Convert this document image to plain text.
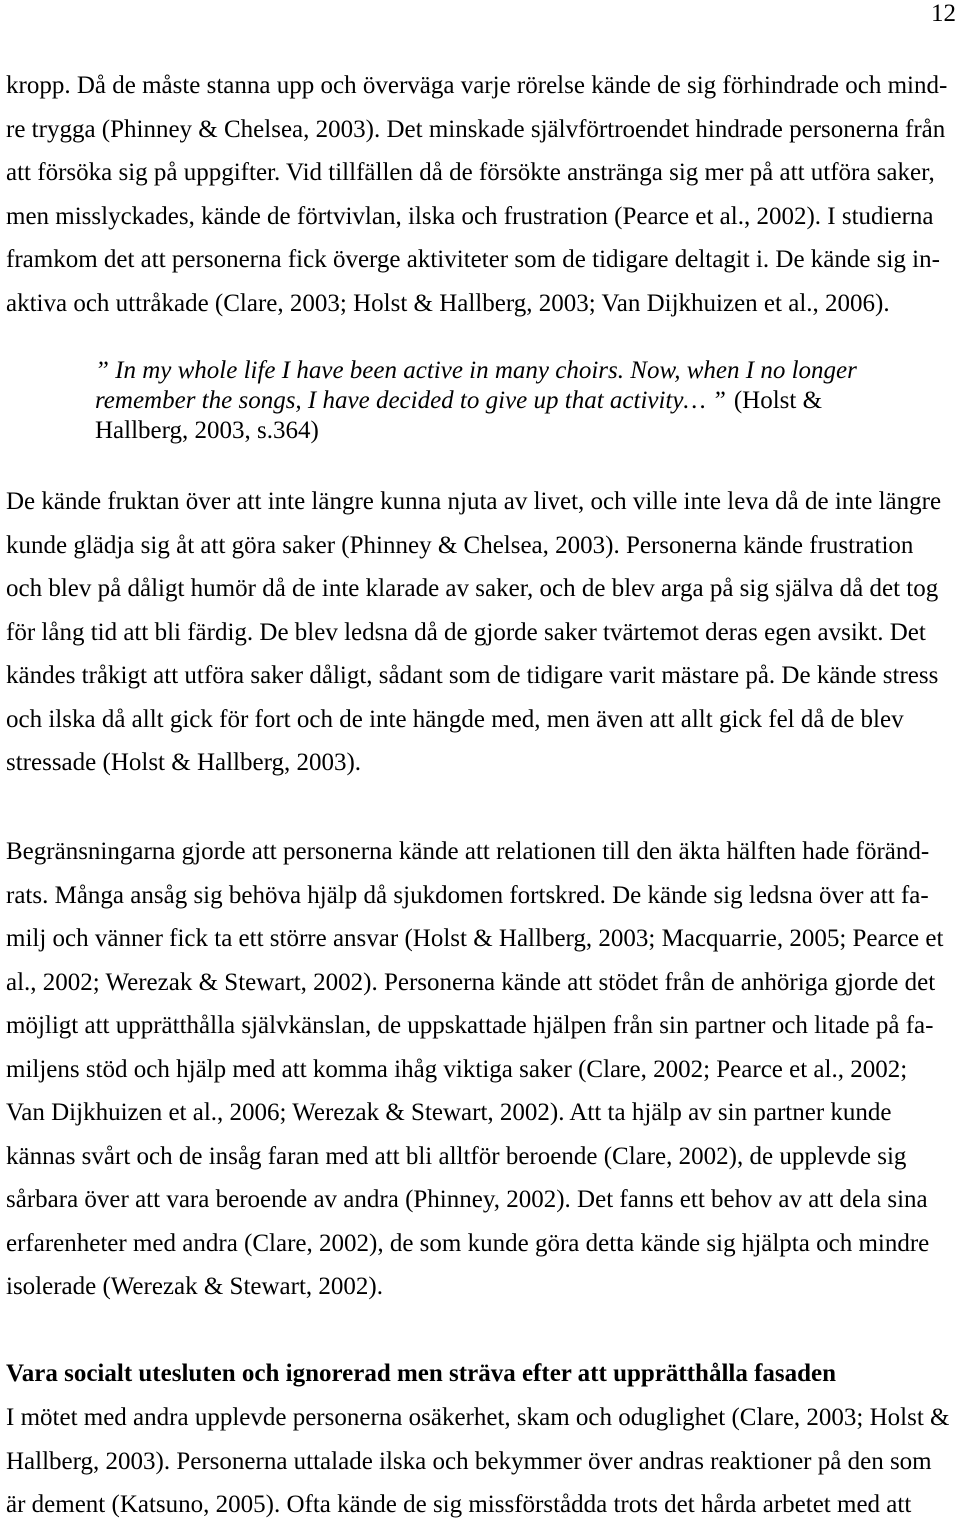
12
kropp. Då de måste stanna upp och överväga varje rörelse kände de sig förhindrade och mind-
re trygga (Phinney & Chelsea, 2003). Det minskade självförtroendet hindrade personerna från
att försöka sig på uppgifter. Vid tillfällen då de försökte anstränga sig mer på att utföra saker,
men misslyckades, kände de förtvivlan, ilska och frustration (Pearce et al., 2002). I studierna
framkom det att personerna fick överge aktiviteter som de tidigare deltagit i. De kände sig in-
aktiva och uttråkade (Clare, 2003; Holst & Hallberg, 2003; Van Dijkhuizen et al., 2006).
” In my whole life I have been active in many choirs. Now, when I no longer
remember the songs, I have decided to give up that activity… ” (Holst &
Hallberg, 2003, s.364)
De kände fruktan över att inte längre kunna njuta av livet, och ville inte leva då de inte längre
kunde glädja sig åt att göra saker (Phinney & Chelsea, 2003). Personerna kände frustration
och blev på dåligt humör då de inte klarade av saker, och de blev arga på sig själva då det tog
för lång tid att bli färdig. De blev ledsna då de gjorde saker tvärtemot deras egen avsikt. Det
kändes tråkigt att utföra saker dåligt, sådant som de tidigare varit mästare på. De kände stress
och ilska då allt gick för fort och de inte hängde med, men även att allt gick fel då de blev
stressade (Holst & Hallberg, 2003).
Begränsningarna gjorde att personerna kände att relationen till den äkta hälften hade föränd-
rats. Många ansåg sig behöva hjälp då sjukdomen fortskred. De kände sig ledsna över att fa-
milj och vänner fick ta ett större ansvar (Holst & Hallberg, 2003; Macquarrie, 2005; Pearce et
al., 2002; Werezak & Stewart, 2002). Personerna kände att stödet från de anhöriga gjorde det
möjligt att upprätthålla självkänslan, de uppskattade hjälpen från sin partner och litade på fa-
miljens stöd och hjälp med att komma ihåg viktiga saker (Clare, 2002; Pearce et al., 2002;
Van Dijkhuizen et al., 2006; Werezak & Stewart, 2002). Att ta hjälp av sin partner kunde
kännas svårt och de insåg faran med att bli alltför beroende (Clare, 2002), de upplevde sig
sårbara över att vara beroende av andra (Phinney, 2002). Det fanns ett behov av att dela sina
erfarenheter med andra (Clare, 2002), de som kunde göra detta kände sig hjälpta och mindre
isolerade (Werezak & Stewart, 2002).
Vara socialt utesluten och ignorerad men sträva efter att upprätthålla fasaden
I mötet med andra upplevde personerna osäkerhet, skam och oduglighet (Clare, 2003; Holst &
Hallberg, 2003). Personerna uttalade ilska och bekymmer över andras reaktioner på den som
är dement (Katsuno, 2005). Ofta kände de sig missförstådda trots det hårda arbetet med att
